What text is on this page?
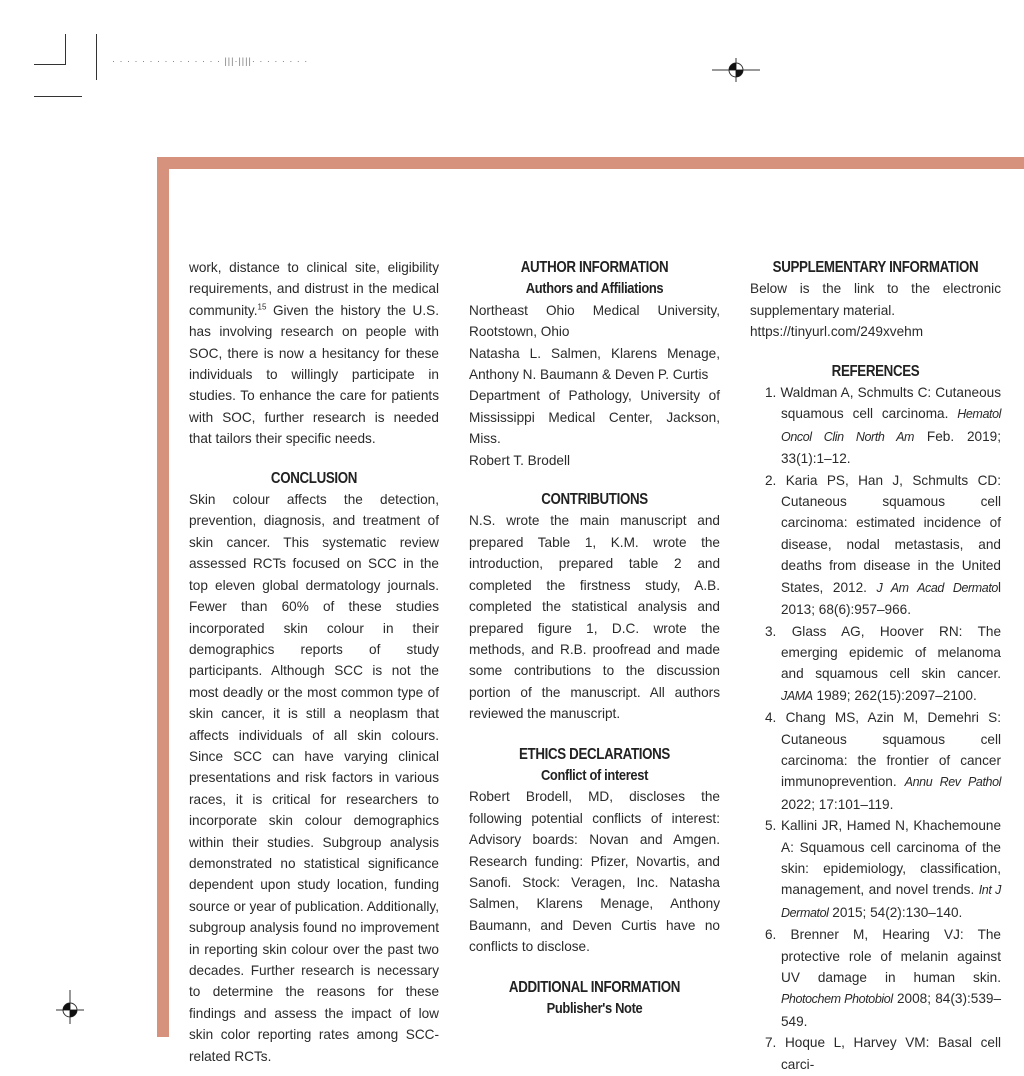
· · · · · · · · · · · · · · · |||·||||· · · · · · · ·

work, distance to clinical site, eligibility requirements, and distrust in the medical community.$^{15}$ Given the history the U.S. has involving research on people with SOC, there is now a hesitancy for these individuals to willingly participate in studies. To enhance the care for patients with SOC, further research is needed that tailors their specific needs.

CONCLUSION

Skin colour affects the detection, prevention, diagnosis, and treatment of skin cancer. This systematic review assessed RCTs focused on SCC in the top eleven global dermatology journals. Fewer than 60% of these studies incorporated skin colour in their demographics reports of study participants. Although SCC is not the most deadly or the most common type of skin cancer, it is still a neoplasm that affects individuals of all skin colours. Since SCC can have varying clinical presentations and risk factors in various races, it is critical for researchers to incorporate skin colour demographics within their studies. Subgroup analysis demonstrated no statistical significance dependent upon study location, funding source or year of publication. Additionally, subgroup analysis found no improvement in reporting skin colour over the past two decades. Further research is necessary to determine the reasons for these findings and assess the impact of low skin color reporting rates among SCC-related RCTs.

AUTHOR INFORMATION
Authors and Affiliations

Northeast Ohio Medical University, Rootstown, Ohio

Natasha L. Salmen, Klarens Menage, Anthony N. Baumann & Deven P. Curtis

Department of Pathology, University of Mississippi Medical Center, Jackson, Miss.

Robert T. Brodell

CONTRIBUTIONS

N.S. wrote the main manuscript and prepared Table 1, K.M. wrote the introduction, prepared table 2 and completed the firstness study, A.B. completed the statistical analysis and prepared figure 1, D.C. wrote the methods, and R.B. proofread and made some contributions to the discussion portion of the manuscript. All authors reviewed the manuscript.

ETHICS DECLARATIONS
Conflict of interest

Robert Brodell, MD, discloses the following potential conflicts of interest: Advisory boards: Novan and Amgen. Research funding: Pfizer, Novartis, and Sanofi. Stock: Veragen, Inc. Natasha Salmen, Klarens Menage, Anthony Baumann, and Deven Curtis have no conflicts to disclose.

ADDITIONAL INFORMATION
Publisher's Note
SUPPLEMENTARY INFORMATION

Below is the link to the electronic supplementary material.

https://tinyurl.com/249xvehm

REFERENCES
1. Waldman A, Schmults C: Cutaneous squamous cell carcinoma. Hematol Oncol Clin North Am Feb. 2019; 33(1):1–12.
2. Karia PS, Han J, Schmults CD: Cutaneous squamous cell carcinoma: estimated incidence of disease, nodal metastasis, and deaths from disease in the United States, 2012. J Am Acad Dermatol 2013; 68(6):957–966.
3. Glass AG, Hoover RN: The emerging epidemic of melanoma and squamous cell skin cancer. JAMA 1989; 262(15):2097–2100.
4. Chang MS, Azin M, Demehri S: Cutaneous squamous cell carcinoma: the frontier of cancer immunoprevention. Annu Rev Pathol 2022; 17:101–119.
5. Kallini JR, Hamed N, Khachemoune A: Squamous cell carcinoma of the skin: epidemiology, classification, management, and novel trends. Int J Dermatol 2015; 54(2):130–140.
6. Brenner M, Hearing VJ: The protective role of melanin against UV damage in human skin. Photochem Photobiol 2008; 84(3):539–549.
7. Hoque L, Harvey VM: Basal cell carci-
